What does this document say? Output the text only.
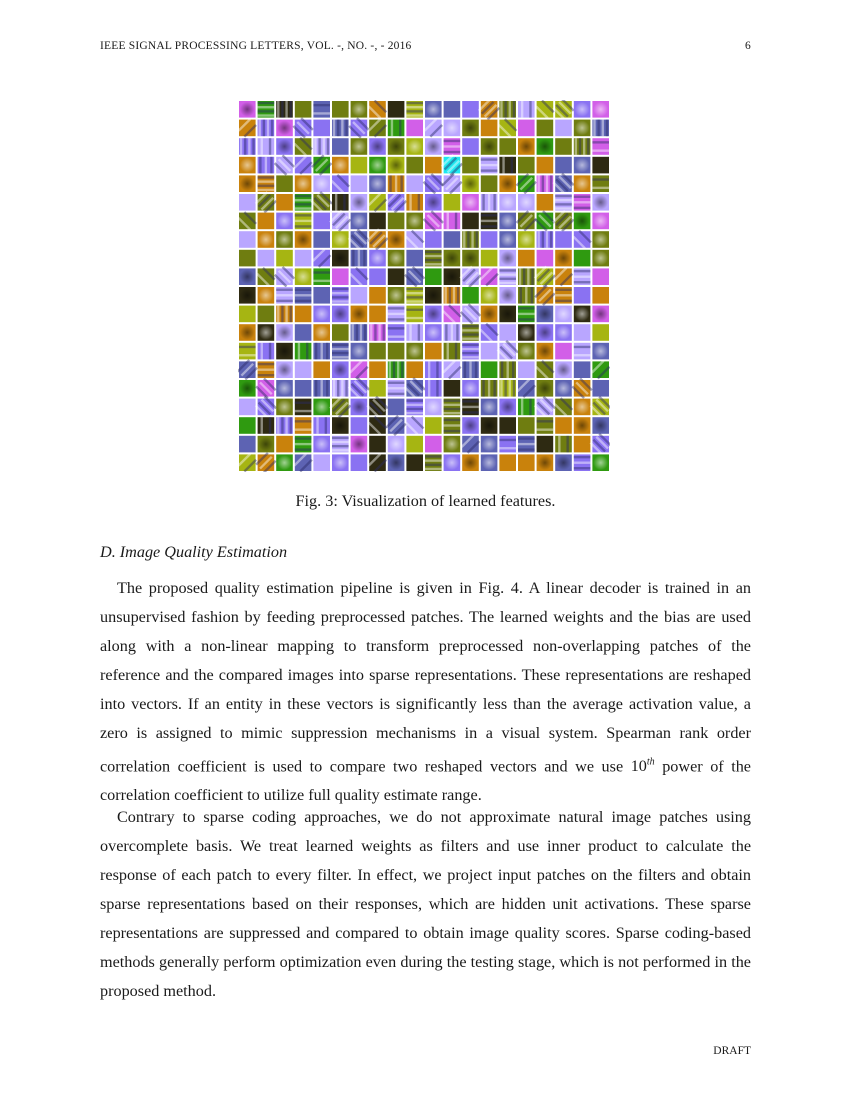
IEEE SIGNAL PROCESSING LETTERS, VOL. -, NO. -, - 2016	6
Fig. 3: Visualization of learned features.
D. Image Quality Estimation

The proposed quality estimation pipeline is given in Fig. 4. A linear decoder is trained in an unsupervised fashion by feeding preprocessed patches. The learned weights and the bias are used along with a non-linear mapping to transform preprocessed non-overlapping patches of the reference and the compared images into sparse representations. These representations are reshaped into vectors. If an entity in these vectors is significantly less than the average activation value, a zero is assigned to mimic suppression mechanisms in a visual system. Spearman rank order correlation coefficient is used to compare two reshaped vectors and we use 10th power of the correlation coefficient to utilize full quality estimate range.

Contrary to sparse coding approaches, we do not approximate natural image patches using overcomplete basis. We treat learned weights as filters and use inner product to calculate the response of each patch to every filter. In effect, we project input patches on the filters and obtain sparse representations based on their responses, which are hidden unit activations. These sparse representations are suppressed and compared to obtain image quality scores. Sparse coding-based methods generally perform optimization even during the testing stage, which is not performed in the proposed method.

DRAFT
